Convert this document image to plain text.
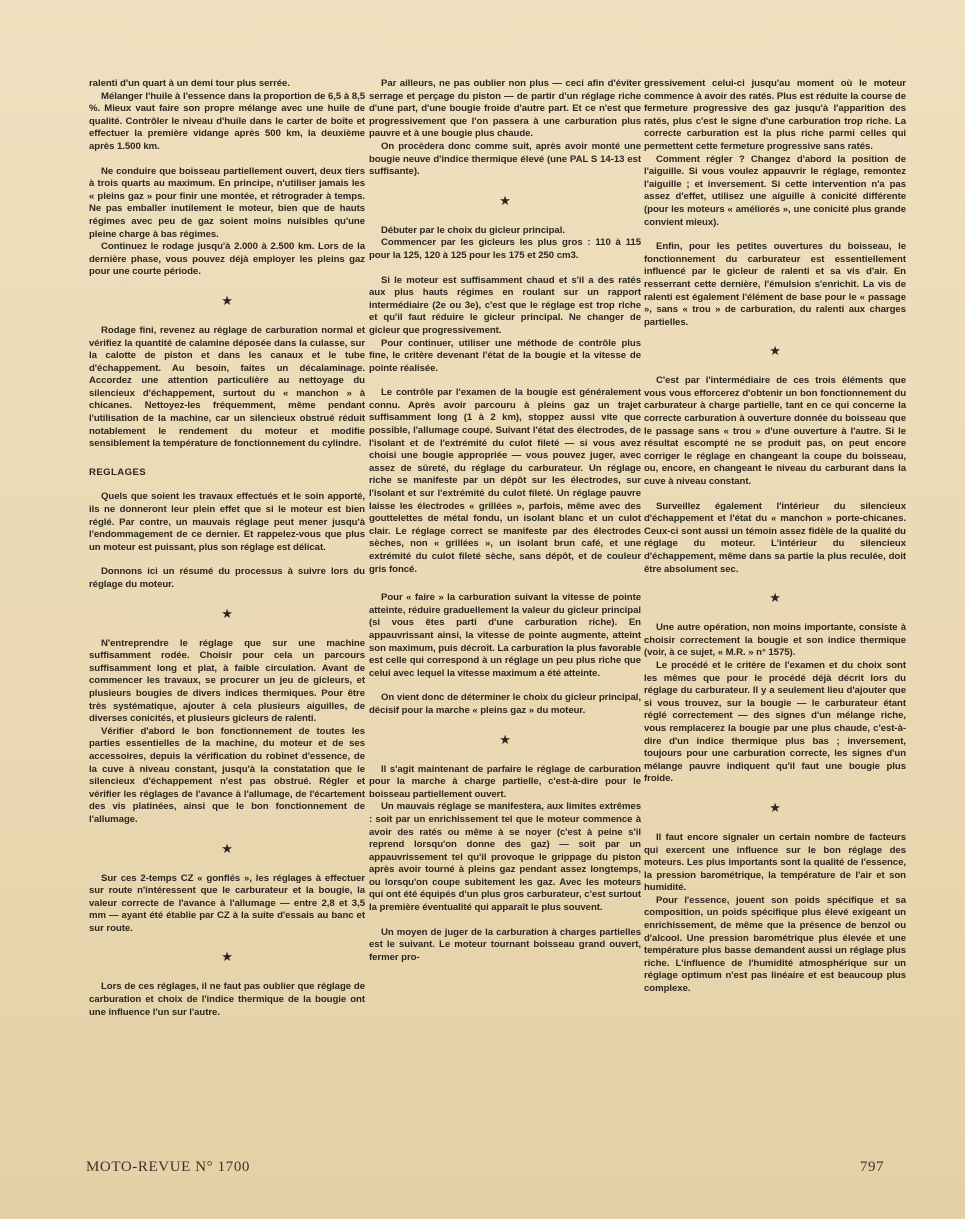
ralenti d'un quart à un demi tour plus serrée.

Mélanger l'huile à l'essence dans la proportion de 6,5 à 8,5 %. Mieux vaut faire son propre mélange avec une huile de qualité. Contrôler le niveau d'huile dans le carter de boîte et effectuer la première vidange après 500 km, la deuxième après 1.500 km.

Ne conduire que boisseau partiellement ouvert, deux tiers à trois quarts au maximum. En principe, n'utiliser jamais les « pleins gaz » pour finir une montée, et rétrograder à temps. Ne pas emballer inutilement le moteur, bien que de hauts régimes avec peu de gaz soient moins nuisibles qu'une pleine charge à bas régimes.

Continuez le rodage jusqu'à 2.000 à 2.500 km. Lors de la dernière phase, vous pouvez déjà employer les pleins gaz pour une courte période.

★

Rodage fini, revenez au réglage de carburation normal et vérifiez la quantité de calamine déposée dans la culasse, sur la calotte de piston et dans les canaux et le tube d'échappement. Au besoin, faites un décalaminage. Accordez une attention particulière au nettoyage du silencieux d'échappement, surtout du « manchon » à chicanes. Nettoyez-les fréquemment, même pendant l'utilisation de la machine, car un silencieux obstrué réduit notablement le rendement du moteur et modifie sensiblement la température de fonctionnement du cylindre.

REGLAGES

Quels que soient les travaux effectués et le soin apporté, ils ne donneront leur plein effet que si le moteur est bien réglé. Par contre, un mauvais réglage peut mener jusqu'à l'endommagement de ce dernier. Et rappelez-vous que plus un moteur est puissant, plus son réglage est délicat.

Donnons ici un résumé du processus à suivre lors du réglage du moteur.

★

N'entreprendre le réglage que sur une machine suffisamment rodée. Choisir pour cela un parcours suffisamment long et plat, à faible circulation. Avant de commencer les travaux, se procurer un jeu de gicleurs, et plusieurs bougies de divers indices thermiques. Pour être très systématique, ajouter à cela plusieurs aiguilles, de diverses conicités, et plusieurs gicleurs de ralenti.

Vérifier d'abord le bon fonctionnement de toutes les parties essentielles de la machine, du moteur et de ses accessoires, depuis la vérification du robinet d'essence, de la cuve à niveau constant, jusqu'à la constatation que le silencieux d'échappement n'est pas obstrué. Régler et vérifier les réglages de l'avance à l'allumage, de l'écartement des vis platinées, ainsi que le bon fonctionnement de l'allumage.

★

Sur ces 2-temps CZ « gonflés », les réglages à effectuer sur route n'intéressent que le carburateur et la bougie, la valeur correcte de l'avance à l'allumage — entre 2,8 et 3,5 mm — ayant été établie par CZ à la suite d'essais au banc et sur route.

★

Lors de ces réglages, il ne faut pas oublier que réglage de carburation et choix de l'indice thermique de la bougie ont une influence l'un sur l'autre.

Par ailleurs, ne pas oublier non plus — ceci afin d'éviter serrage et perçage du piston — de partir d'un réglage riche d'une part, d'une bougie froide d'autre part. Et ce n'est que progressivement que l'on passera à une carburation plus pauvre et à une bougie plus chaude.

On procèdera donc comme suit, après avoir monté une bougie neuve d'indice thermique élevé (une PAL S 14-13 est suffisante).

★

Débuter par le choix du gicleur principal.

Commencer par les gicleurs les plus gros : 110 à 115 pour la 125, 120 à 125 pour les 175 et 250 cm3.

Si le moteur est suffisamment chaud et s'il a des ratés aux plus hauts régimes en roulant sur un rapport intermédiaire (2e ou 3e), c'est que le réglage est trop riche et qu'il faut réduire le gicleur principal. Ne changer de gicleur que progressivement.

Pour continuer, utiliser une méthode de contrôle plus fine, le critère devenant l'état de la bougie et la vitesse de pointe réalisée.

Le contrôle par l'examen de la bougie est généralement connu. Après avoir parcouru à pleins gaz un trajet suffisamment long (1 à 2 km), stoppez aussi vite que possible, l'allumage coupé. Suivant l'état des électrodes, de l'isolant et de l'extrémité du culot fileté — si vous avez choisi une bougie appropriée — vous pouvez juger, avec assez de sûreté, du réglage du carburateur. Un réglage riche se manifeste par un dépôt sur les électrodes, sur l'isolant et sur l'extrémité du culot fileté. Un réglage pauvre laisse les électrodes « grillées », parfois, même avec des gouttelettes de métal fondu, un isolant blanc et un culot clair. Le réglage correct se manifeste par des électrodes sèches, non « grillées », un isolant brun café, et une extrémité du culot fileté sèche, sans dépôt, et de couleur gris foncé.

Pour « faire » la carburation suivant la vitesse de pointe atteinte, réduire graduellement la valeur du gicleur principal (si vous êtes parti d'une carburation riche). En appauvrissant ainsi, la vitesse de pointe augmente, atteint son maximum, puis décroît. La carburation la plus favorable est celle qui correspond à un réglage un peu plus riche que celui avec lequel la vitesse maximum a été atteinte.

On vient donc de déterminer le choix du gicleur principal, décisif pour la marche « pleins gaz » du moteur.

★

Il s'agit maintenant de parfaire le réglage de carburation pour la marche à charge partielle, c'est-à-dire pour le boisseau partiellement ouvert.

Un mauvais réglage se manifestera, aux limites extrêmes : soit par un enrichissement tel que le moteur commence à avoir des ratés ou même à se noyer (c'est à peine s'il reprend lorsqu'on donne des gaz) — soit par un appauvrissement tel qu'il provoque le grippage du piston après avoir tourné à pleins gaz pendant assez longtemps, ou lorsqu'on coupe subitement les gaz. Avec les moteurs qui ont été équipés d'un plus gros carburateur, c'est surtout la première éventualité qui apparaît le plus souvent.

Un moyen de juger de la carburation à charges partielles est le suivant. Le moteur tournant boisseau grand ouvert, fermer pro-

gressivement celui-ci jusqu'au moment où le moteur commence à avoir des ratés. Plus est réduite la course de fermeture progressive des gaz jusqu'à l'apparition des ratés, plus c'est le signe d'une carburation trop riche. La correcte carburation est la plus riche parmi celles qui permettent cette fermeture progressive sans ratés.

Comment régler ? Changez d'abord la position de l'aiguille. Si vous voulez appauvrir le réglage, remontez l'aiguille ; et inversement. Si cette intervention n'a pas assez d'effet, utilisez une aiguille à conicité différente (pour les moteurs « améliorés », une conicité plus grande convient mieux).

Enfin, pour les petites ouvertures du boisseau, le fonctionnement du carburateur est essentiellement influencé par le gicleur de ralenti et sa vis d'air. En resserrant cette dernière, l'émulsion s'enrichit. La vis de ralenti est également l'élément de base pour le « passage », sans « trou » de carburation, du ralenti aux charges partielles.

★

C'est par l'intermédiaire de ces trois éléments que vous vous efforcerez d'obtenir un bon fonctionnement du carburateur à charge partielle, tant en ce qui concerne la correcte carburation à ouverture donnée du boisseau que le passage sans « trou » d'une ouverture à l'autre. Si le résultat escompté ne se produit pas, on peut encore corriger le réglage en changeant la coupe du boisseau, ou, encore, en changeant le niveau du carburant dans la cuve à niveau constant.

Surveillez également l'intérieur du silencieux d'échappement et l'état du « manchon » porte-chicanes. Ceux-ci sont aussi un témoin assez fidèle de la qualité du réglage du moteur. L'intérieur du silencieux d'échappement, même dans sa partie la plus reculée, doit être absolument sec.

★

Une autre opération, non moins importante, consiste à choisir correctement la bougie et son indice thermique (voir, à ce sujet, « M.R. » n° 1575).

Le procédé et le critère de l'examen et du choix sont les mêmes que pour le procédé déjà décrit lors du réglage du carburateur. Il y a seulement lieu d'ajouter que si vous trouvez, sur la bougie — le carburateur étant réglé correctement — des signes d'un mélange riche, vous remplacerez la bougie par une plus chaude, c'est-à-dire d'un indice thermique plus bas ; inversement, toujours pour une carburation correcte, les signes d'un mélange pauvre indiquent qu'il faut une bougie plus froide.

★

Il faut encore signaler un certain nombre de facteurs qui exercent une influence sur le bon réglage des moteurs. Les plus importants sont la qualité de l'essence, la pression barométrique, la température de l'air et son humidité.

Pour l'essence, jouent son poids spécifique et sa composition, un poids spécifique plus élevé exigeant un enrichissement, de même que la présence de benzol ou d'alcool. Une pression barométrique plus élevée et une température plus basse demandent aussi un réglage plus riche. L'influence de l'humidité atmosphérique sur un réglage optimum n'est pas linéaire et est beaucoup plus complexe.

MOTO-REVUE N° 1700	797
